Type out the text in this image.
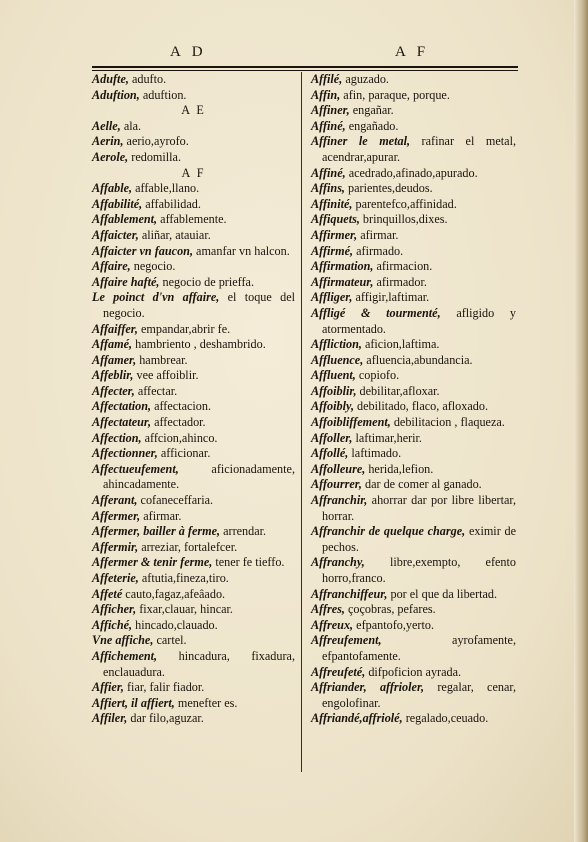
A D	A F
Adufte, adufto.
Aduftion, aduftion.
A E
Aelle, ala.
Aerin, aerio,ayrofo.
Aerole, redomilla.
A F
Affable, affable,llano.
Affabilité, affabilidad.
Affablement, affablemente.
Affaicter, aliñar, atauiar.
Affaicter vn faucon, amanfar vn halcon.
Affaire, negocio.
Affaire hafté, negocio de prieffa.
Le poinct d'vn affaire, el toque del negocio.
Affaiffer, empandar,abrir fe.
Affamé, hambriento , deshambrido.
Affamer, hambrear.
Affeblir, vee affoiblir.
Affecter, affectar.
Affectation, affectacion.
Affectateur, affectador.
Affection, affcion,ahinco.
Affectionner, afficionar.
Affectueufement, aficionadamente, ahincadamente.
Afferant, cofaneceffaria.
Affermer, afirmar.
Affermer, bailler à ferme, arrendar.
Affermir, arreziar, fortalefcer.
Affermer & tenir ferme, tener fe tieffo.
Affeterie, aftutia,fineza,tiro.
Affeté cauto,fagaz,afeâado.
Afficher, fixar,clauar, hincar.
Affiché, hincado,clauado.
Vne affiche, cartel.
Affichement, hincadura, fixadura, enclauadura.
Affier, fiar, falir fiador.
Affiert, il affiert, menefter es.
Affiler, dar filo,aguzar.
Affilé, aguzado.
Affin, afin, paraque, porque.
Affiner, engañar.
Affiné, engañado.
Affiner le metal, rafinar el metal, acendrar,apurar.
Affiné, acedrado,afinado,apurado.
Affins, parientes,deudos.
Affinité, parentefco,affinidad.
Affiquets, brinquillos,dixes.
Affirmer, afirmar.
Affirmé, afirmado.
Affirmation, afirmacion.
Affirmateur, afirmador.
Affliger, affigir,laftimar.
Affligé & tourmenté, afligido y atormentado.
Affliction, aficion,laftima.
Affluence, afluencia,abundancia.
Affluent, copiofo.
Affoiblir, debilitar,afloxar.
Affoibly, debilitado, flaco, afloxado.
Affoibliffement, debilitacion , flaqueza.
Affoller, laftimar,herir.
Affollé, laftimado.
Affolleure, herida,lefion.
Affourrer, dar de comer al ganado.
Affranchir, ahorrar dar por libre libertar, horrar.
Affranchir de quelque charge, eximir de pechos.
Affranchy, libre,exempto, efento horro,franco.
Affranchiffeur, por el que da libertad.
Affres, çoçobras, pefares.
Affreux, efpantofo,yerto.
Affreufement, ayrofamente, efpantofamente.
Affreufeté, difpoficion ayrada.
Affriander, affrioler, regalar, cenar, engolofinar.
Affriandé,affriolé, regalado,ceuado.
